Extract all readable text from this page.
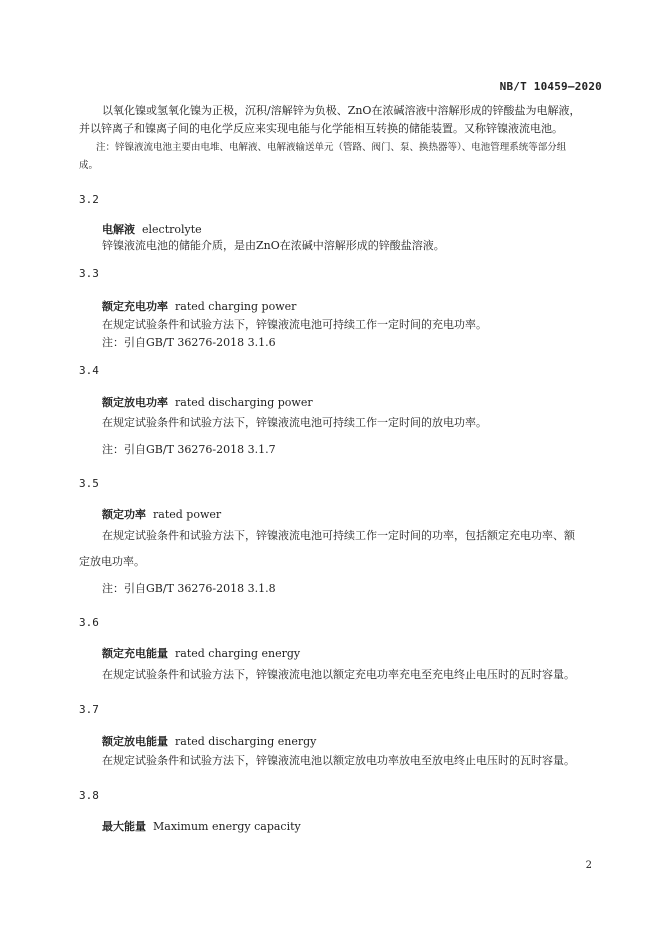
NB/T 10459—2020
以氧化镍或氢氧化镍为正极，沉积/溶解锌为负极、ZnO在浓碱溶液中溶解形成的锌酸盐为电解液，
并以锌离子和镍离子间的电化学反应来实现电能与化学能相互转换的储能装置。又称锌镍液流电池。
注：锌镍液流电池主要由电堆、电解液、电解液输送单元（管路、阀门、泵、换热器等）、电池管理系统等部分组
成。
3.2
电解液 electrolyte
锌镍液流电池的储能介质，是由ZnO在浓碱中溶解形成的锌酸盐溶液。
3.3
额定充电功率 rated charging power
在规定试验条件和试验方法下，锌镍液流电池可持续工作一定时间的充电功率。
注：引自GB/T 36276-2018 3.1.6
3.4
额定放电功率 rated discharging power
在规定试验条件和试验方法下，锌镍液流电池可持续工作一定时间的放电功率。
注：引自GB/T 36276-2018 3.1.7
3.5
额定功率 rated power
在规定试验条件和试验方法下，锌镍液流电池可持续工作一定时间的功率，包括额定充电功率、额
定放电功率。
注：引自GB/T 36276-2018 3.1.8
3.6
额定充电能量 rated charging energy
在规定试验条件和试验方法下，锌镍液流电池以额定充电功率充电至充电终止电压时的瓦时容量。
3.7
额定放电能量 rated discharging energy
在规定试验条件和试验方法下，锌镍液流电池以额定放电功率放电至放电终止电压时的瓦时容量。
3.8
最大能量 Maximum energy capacity
2
